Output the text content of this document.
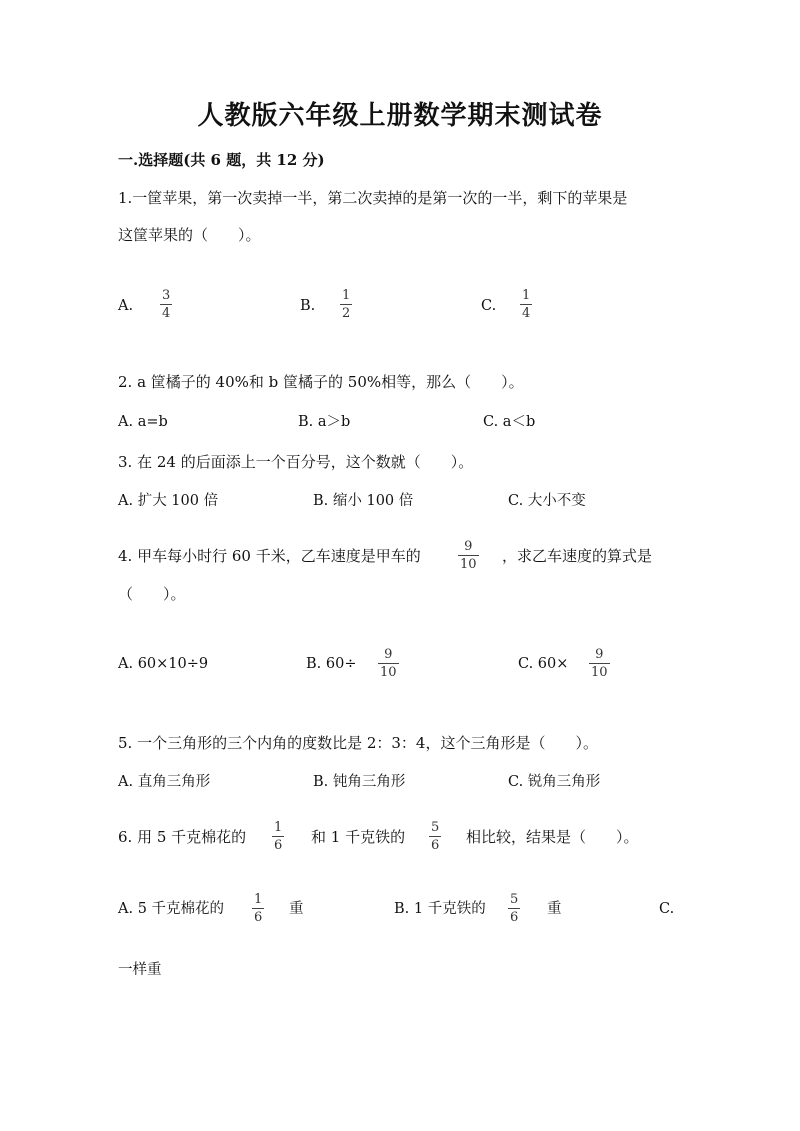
人教版六年级上册数学期末测试卷
一.选择题(共 6 题，共 12 分)
1.一筐苹果，第一次卖掉一半，第二次卖掉的是第一次的一半，剩下的苹果是
这筐苹果的（　　）。
A.
3
4	B.
1
2	C.
1
4
2. a 筐橘子的 40%和 b 筐橘子的 50%相等，那么（　　）。
A. a=b	B. a＞b	C. a＜b
3. 在 24 的后面添上一个百分号，这个数就（　　）。
A. 扩大 100 倍	B. 缩小 100 倍	C. 大小不变
4. 甲车每小时行 60 千米，乙车速度是甲车的
9
10 ，求乙车速度的算式是
（　　）。
A. 60×10÷9	B. 60÷
9
10
C. 60×
9
10
5. 一个三角形的三个内角的度数比是 2：3：4，这个三角形是（　　）。
A. 直角三角形	B. 钝角三角形	C. 锐角三角形
6. 用 5 千克棉花的
1
6 和 1 千克铁的
5
6 相比较，结果是（　　）。
A. 5 千克棉花的
1
6
重	B. 1 千克铁的
5
6
重	C.
一样重
